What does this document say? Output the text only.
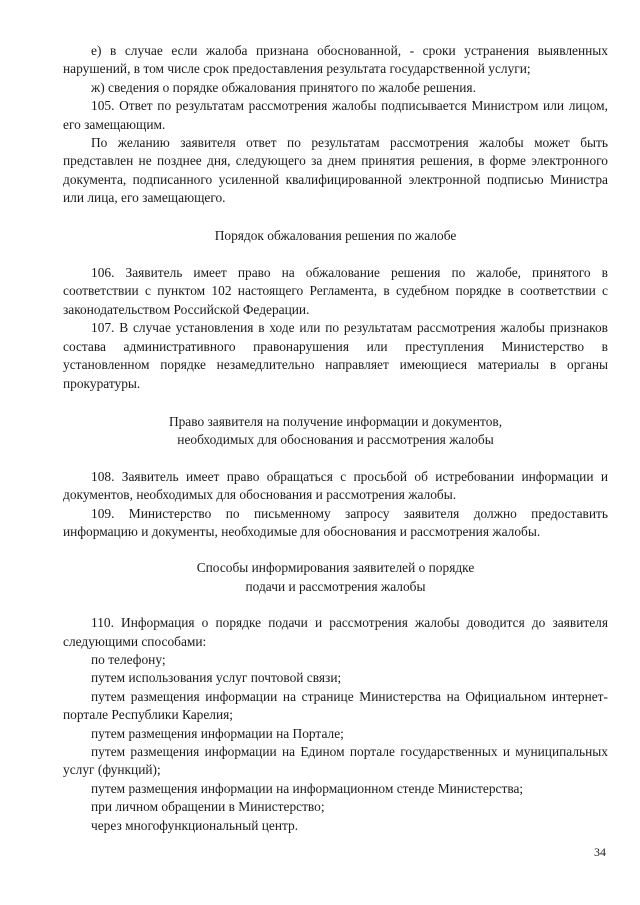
е) в случае если жалоба признана обоснованной, - сроки устранения выявленных нарушений, в том числе срок предоставления результата государственной услуги;

ж) сведения о порядке обжалования принятого по жалобе решения.

105. Ответ по результатам рассмотрения жалобы подписывается Министром или лицом, его замещающим.

По желанию заявителя ответ по результатам рассмотрения жалобы может быть представлен не позднее дня, следующего за днем принятия решения, в форме электронного документа, подписанного усиленной квалифицированной электронной подписью Министра или лица, его замещающего.

Порядок обжалования решения по жалобе

106. Заявитель имеет право на обжалование решения по жалобе, принятого в соответствии с пунктом 102 настоящего Регламента, в судебном порядке в соответствии с законодательством Российской Федерации.

107. В случае установления в ходе или по результатам рассмотрения жалобы признаков состава административного правонарушения или преступления Министерство в установленном порядке незамедлительно направляет имеющиеся материалы в органы прокуратуры.

Право заявителя на получение информации и документов,
необходимых для обоснования и рассмотрения жалобы

108. Заявитель имеет право обращаться с просьбой об истребовании информации и документов, необходимых для обоснования и рассмотрения жалобы.

109. Министерство по письменному запросу заявителя должно предоставить информацию и документы, необходимые для обоснования и рассмотрения жалобы.

Способы информирования заявителей о порядке
подачи и рассмотрения жалобы

110. Информация о порядке подачи и рассмотрения жалобы доводится до заявителя следующими способами:

по телефону;

путем использования услуг почтовой связи;

путем размещения информации на странице Министерства на Официальном интернет-портале Республики Карелия;

путем размещения информации на Портале;

путем размещения информации на Едином портале государственных и муниципальных услуг (функций);

путем размещения информации на информационном стенде Министерства;

при личном обращении в Министерство;

через многофункциональный центр.

34
